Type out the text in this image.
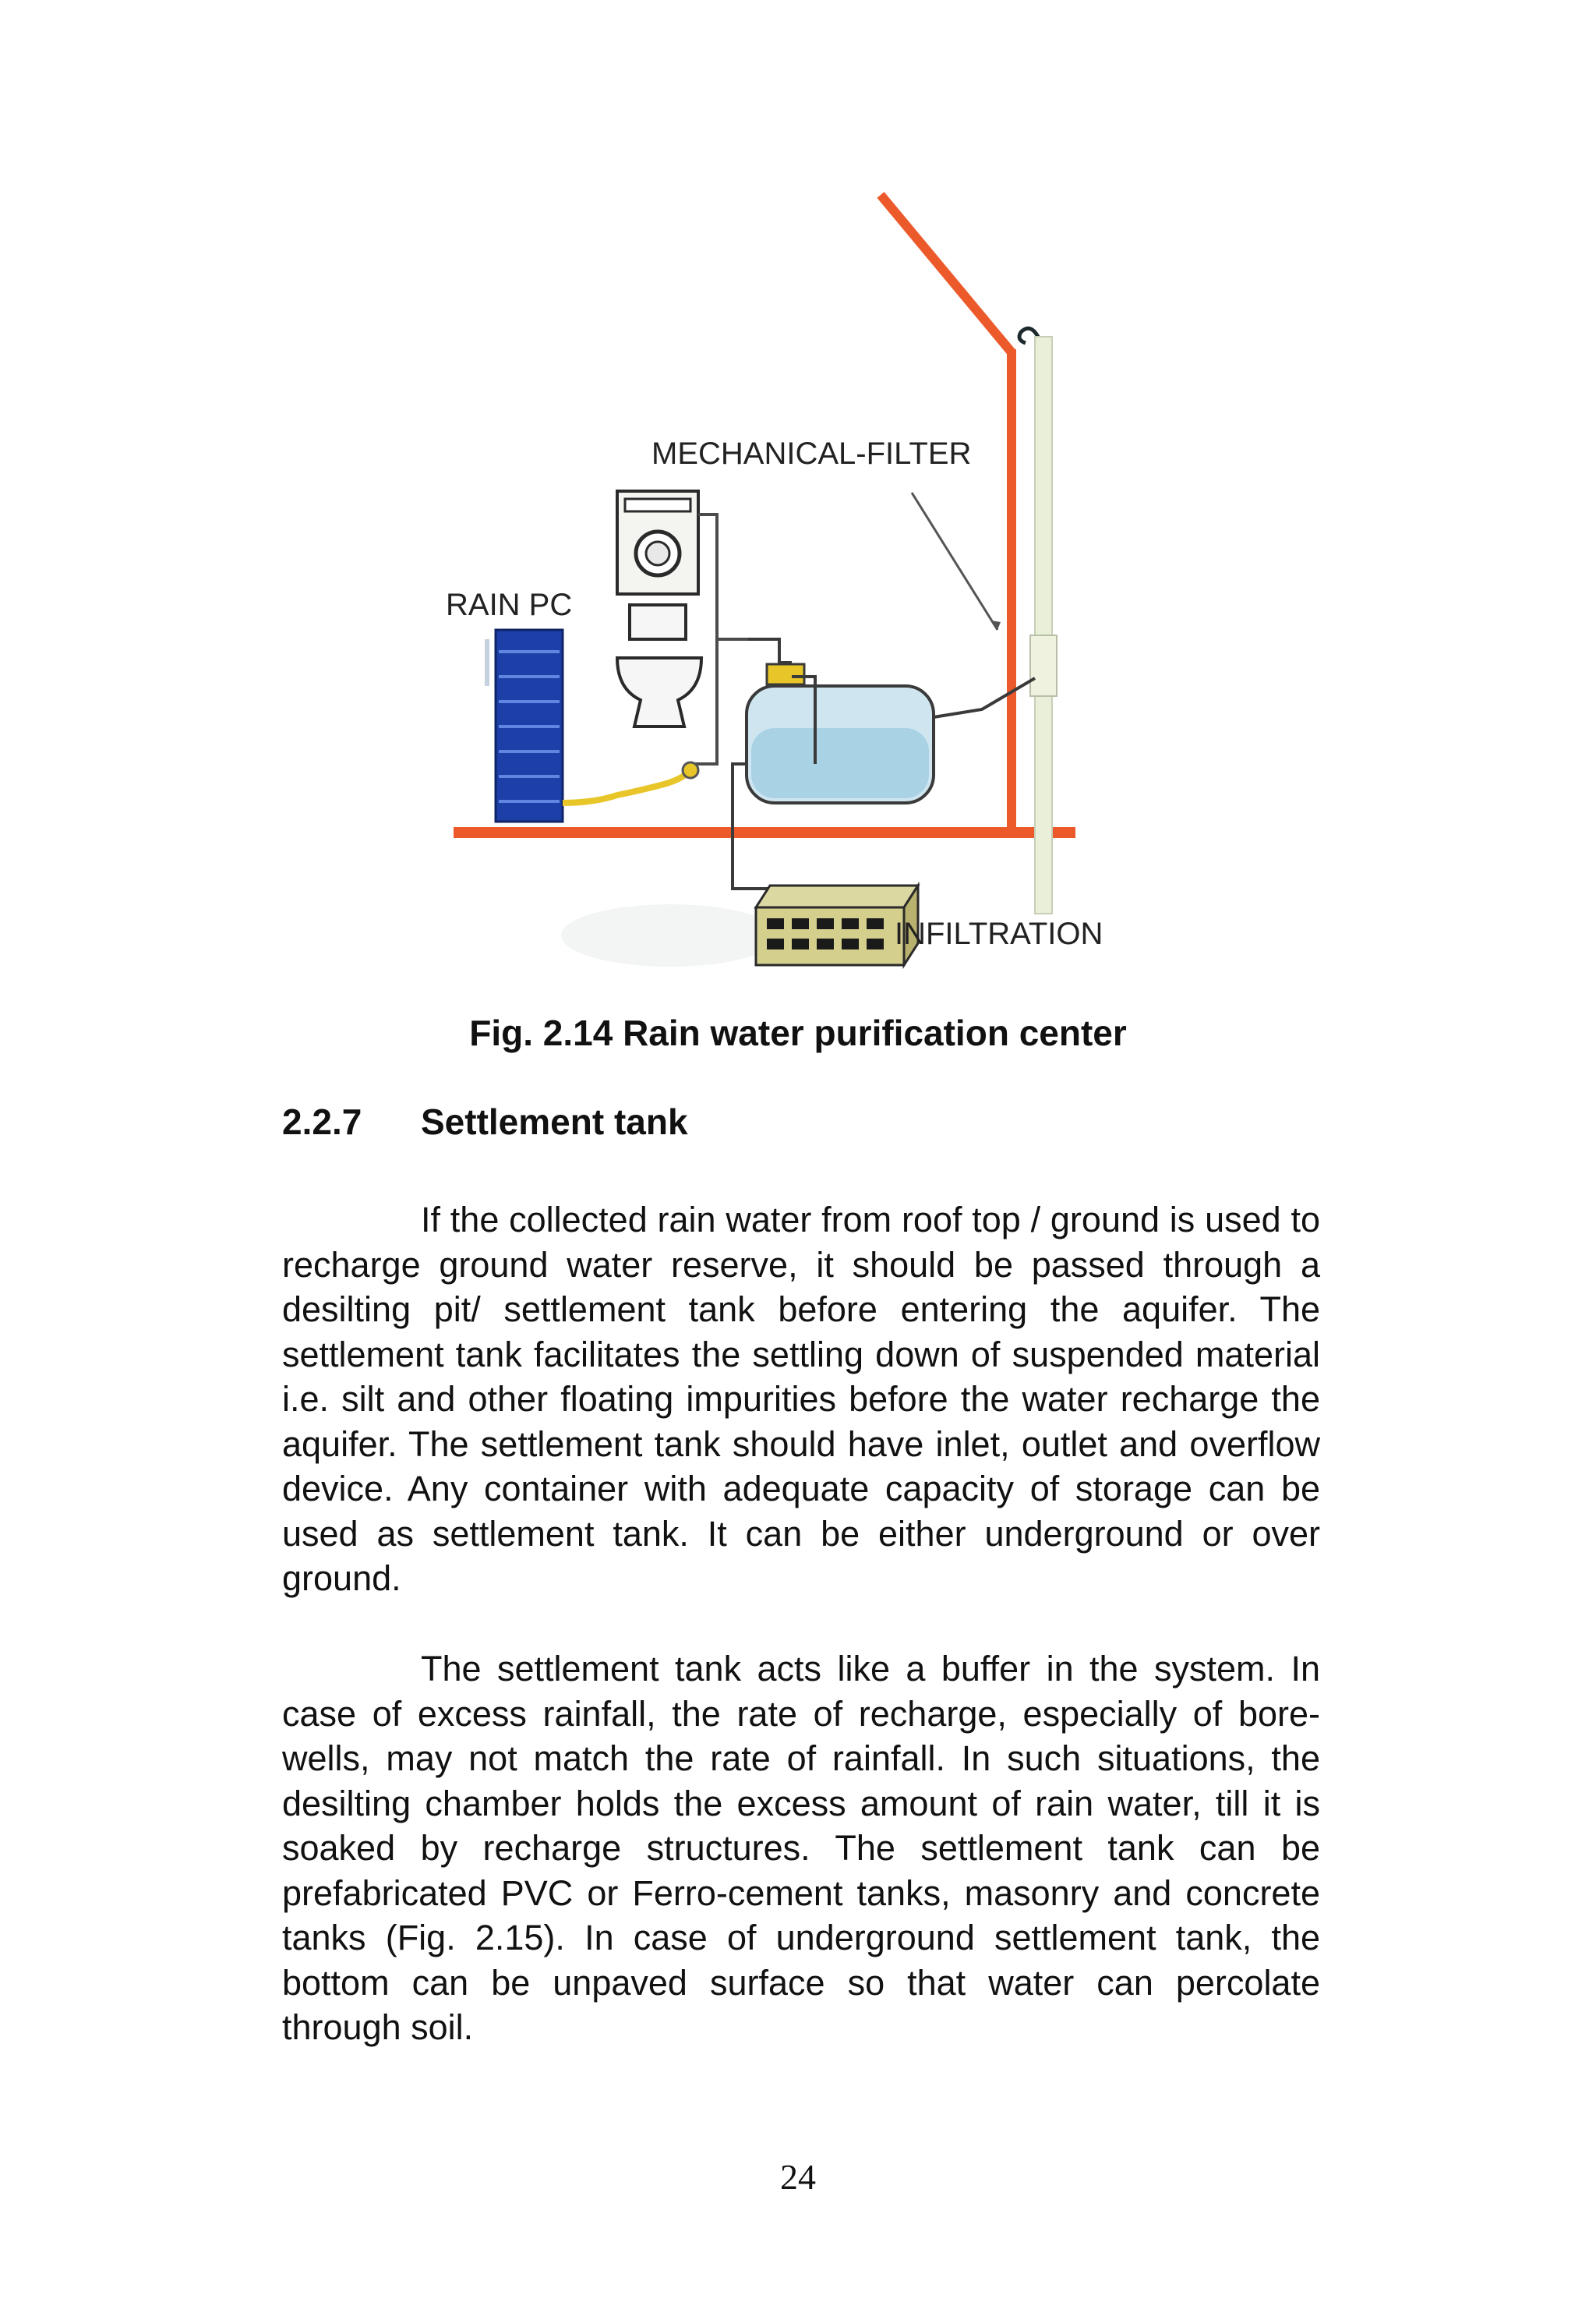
MECHANICAL-FILTER
RAIN PC
INFILTRATION
Fig. 2.14 Rain water purification center
2.2.7 Settlement tank

If the collected rain water from roof top / ground is used to recharge ground water reserve, it should be passed through a desilting pit/ settlement tank before entering the aquifer. The settlement tank facilitates the settling down of suspended material i.e. silt and other floating impurities before the water recharge the aquifer. The settlement tank should have inlet, outlet and overflow device. Any container with adequate capacity of storage can be used as settlement tank. It can be either underground or over ground.

The settlement tank acts like a buffer in the system. In case of excess rainfall, the rate of recharge, especially of bore-wells, may not match the rate of rainfall. In such situations, the desilting chamber holds the excess amount of rain water, till it is soaked by recharge structures. The settlement tank can be prefabricated PVC or Ferro-cement tanks, masonry and concrete tanks (Fig. 2.15). In case of underground settlement tank, the bottom can be unpaved surface so that water can percolate through soil.

24
